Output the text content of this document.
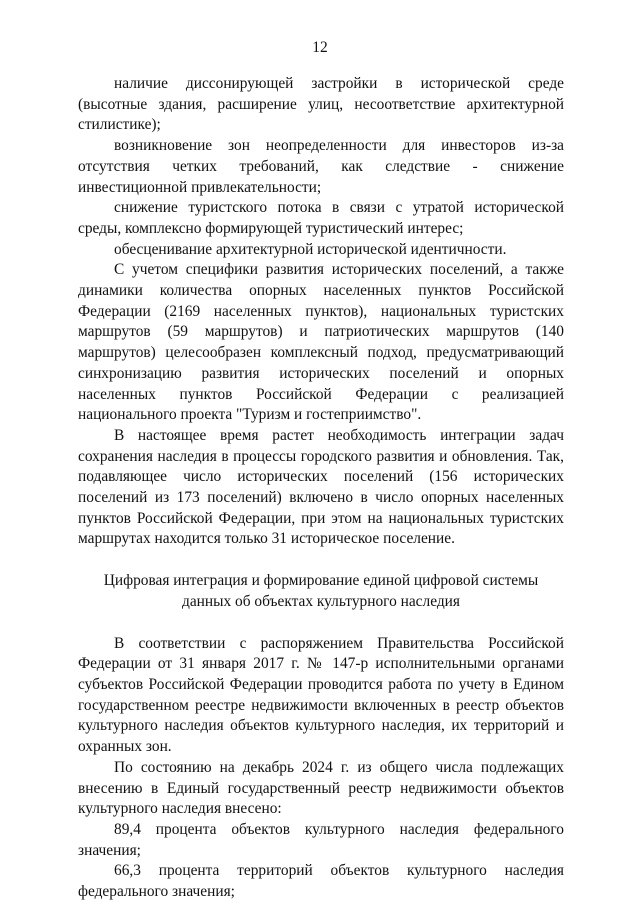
12

наличие диссонирующей застройки в исторической среде (высотные здания, расширение улиц, несоответствие архитектурной стилистике);

возникновение зон неопределенности для инвесторов из-за отсутствия четких требований, как следствие - снижение инвестиционной привлекательности;

снижение туристского потока в связи с утратой исторической среды, комплексно формирующей туристический интерес;

обесценивание архитектурной исторической идентичности.

С учетом специфики развития исторических поселений, а также динамики количества опорных населенных пунктов Российской Федерации (2169 населенных пунктов), национальных туристских маршрутов (59 маршрутов) и патриотических маршрутов (140 маршрутов) целесообразен комплексный подход, предусматривающий синхронизацию развития исторических поселений и опорных населенных пунктов Российской Федерации с реализацией национального проекта "Туризм и гостеприимство".

В настоящее время растет необходимость интеграции задач сохранения наследия в процессы городского развития и обновления. Так, подавляющее число исторических поселений (156 исторических поселений из 173 поселений) включено в число опорных населенных пунктов Российской Федерации, при этом на национальных туристских маршрутах находится только 31 историческое поселение.

Цифровая интеграция и формирование единой цифровой системы
данных об объектах культурного наследия

В соответствии с распоряжением Правительства Российской Федерации от 31 января 2017 г. № 147-р исполнительными органами субъектов Российской Федерации проводится работа по учету в Едином государственном реестре недвижимости включенных в реестр объектов культурного наследия объектов культурного наследия, их территорий и охранных зон.

По состоянию на декабрь 2024 г. из общего числа подлежащих внесению в Единый государственный реестр недвижимости объектов культурного наследия внесено:

89,4 процента объектов культурного наследия федерального значения;

66,3 процента территорий объектов культурного наследия федерального значения;
